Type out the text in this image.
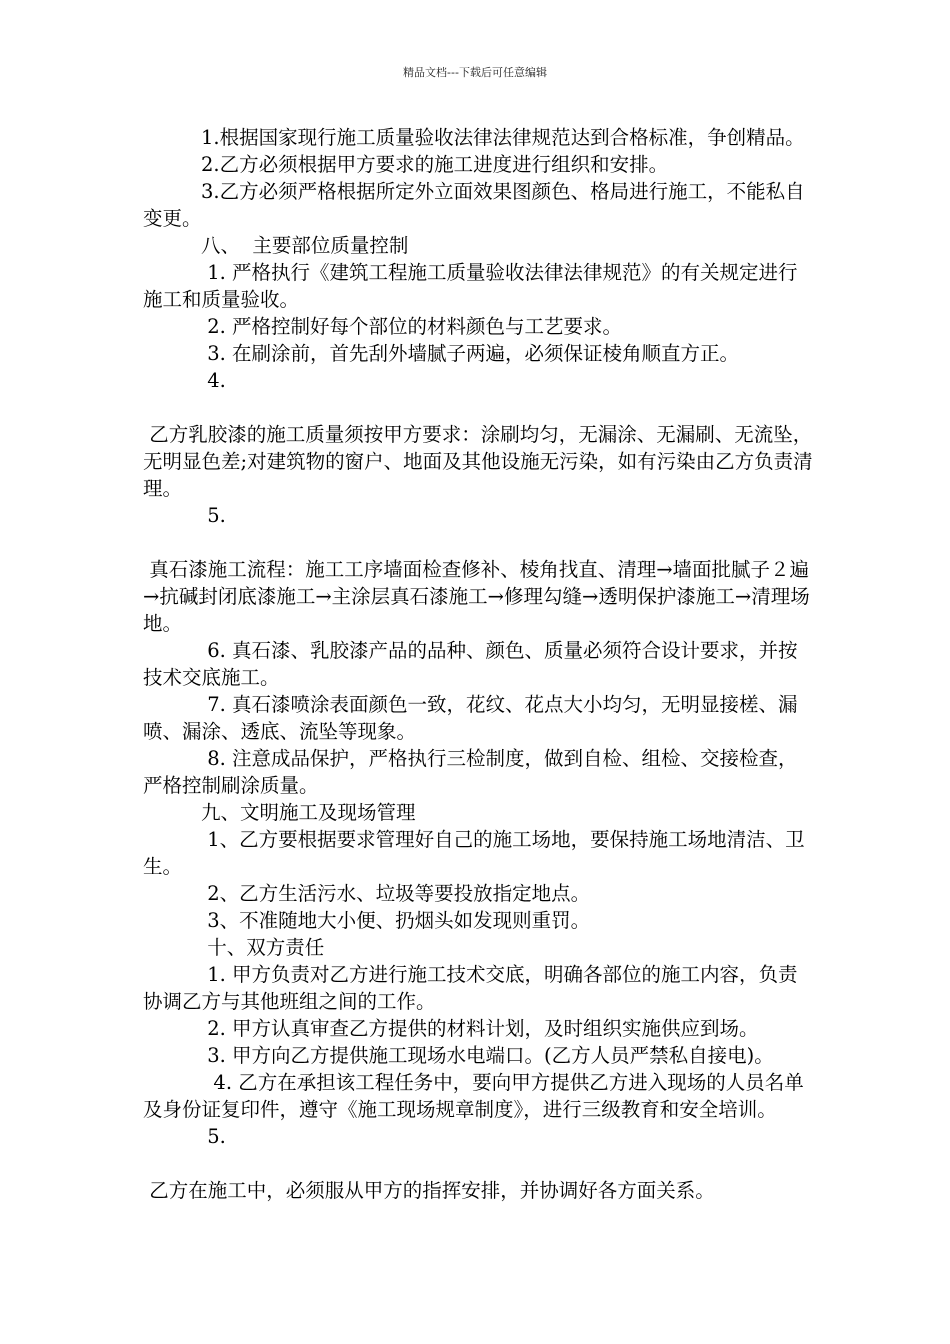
精品文档---下载后可任意编辑

1.根据国家现行施工质量验收法律法律规范达到合格标准，争创精品。

2.乙方必须根据甲方要求的施工进度进行组织和安排。

3.乙方必须严格根据所定外立面效果图颜色、格局进行施工，不能私自变更。

八、  主要部位质量控制

1. 严格执行《建筑工程施工质量验收法律法律规范》的有关规定进行施工和质量验收。

2. 严格控制好每个部位的材料颜色与工艺要求。

3. 在刷涂前，首先刮外墙腻子两遍，必须保证棱角顺直方正。

4.

乙方乳胶漆的施工质量须按甲方要求：涂刷均匀，无漏涂、无漏刷、无流坠，无明显色差;对建筑物的窗户、地面及其他设施无污染，如有污染由乙方负责清理。

5.

真石漆施工流程：施工工序墙面检查修补、棱角找直、清理→墙面批腻子２遍→抗碱封闭底漆施工→主涂层真石漆施工→修理勾缝→透明保护漆施工→清理场地。

6. 真石漆、乳胶漆产品的品种、颜色、质量必须符合设计要求，并按技术交底施工。

7. 真石漆喷涂表面颜色一致，花纹、花点大小均匀，无明显接槎、漏喷、漏涂、透底、流坠等现象。

8. 注意成品保护，严格执行三检制度，做到自检、组检、交接检查，严格控制刷涂质量。

九、文明施工及现场管理

1、乙方要根据要求管理好自己的施工场地，要保持施工场地清洁、卫生。

2、乙方生活污水、垃圾等要投放指定地点。

3、不准随地大小便、扔烟头如发现则重罚。

十、双方责任

1. 甲方负责对乙方进行施工技术交底，明确各部位的施工内容，负责协调乙方与其他班组之间的工作。

2. 甲方认真审查乙方提供的材料计划，及时组织实施供应到场。

3. 甲方向乙方提供施工现场水电端口。(乙方人员严禁私自接电)。

4. 乙方在承担该工程任务中，要向甲方提供乙方进入现场的人员名单及身份证复印件，遵守《施工现场规章制度》，进行三级教育和安全培训。

5.

乙方在施工中，必须服从甲方的指挥安排，并协调好各方面关系。
